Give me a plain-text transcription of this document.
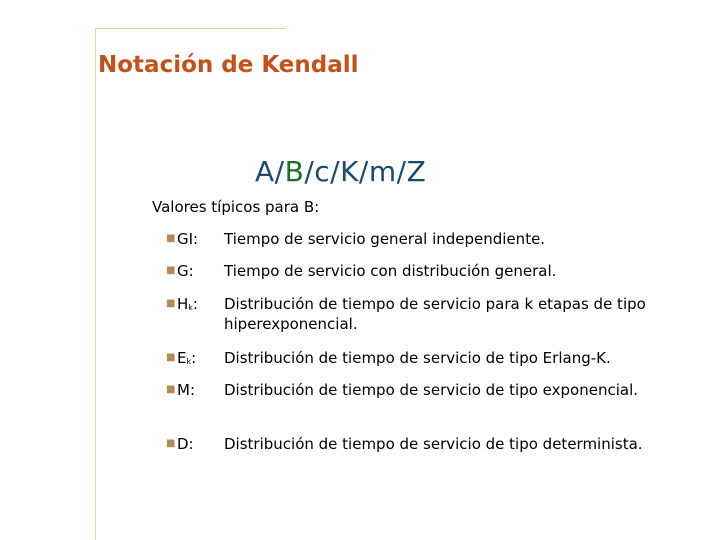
Notación de Kendall
A/B/c/K/m/Z
Valores típicos para B:
■ GI: Tiempo de servicio general independiente.
■ G: Tiempo de servicio con distribución general.
■ $H_k$: Distribución de tiempo de servicio para k etapas de tipo hiperexponencial.
■ $E_k$: Distribución de tiempo de servicio de tipo Erlang-K.
■ M: Distribución de tiempo de servicio de tipo exponencial.
■ D: Distribución de tiempo de servicio de tipo determinista.
